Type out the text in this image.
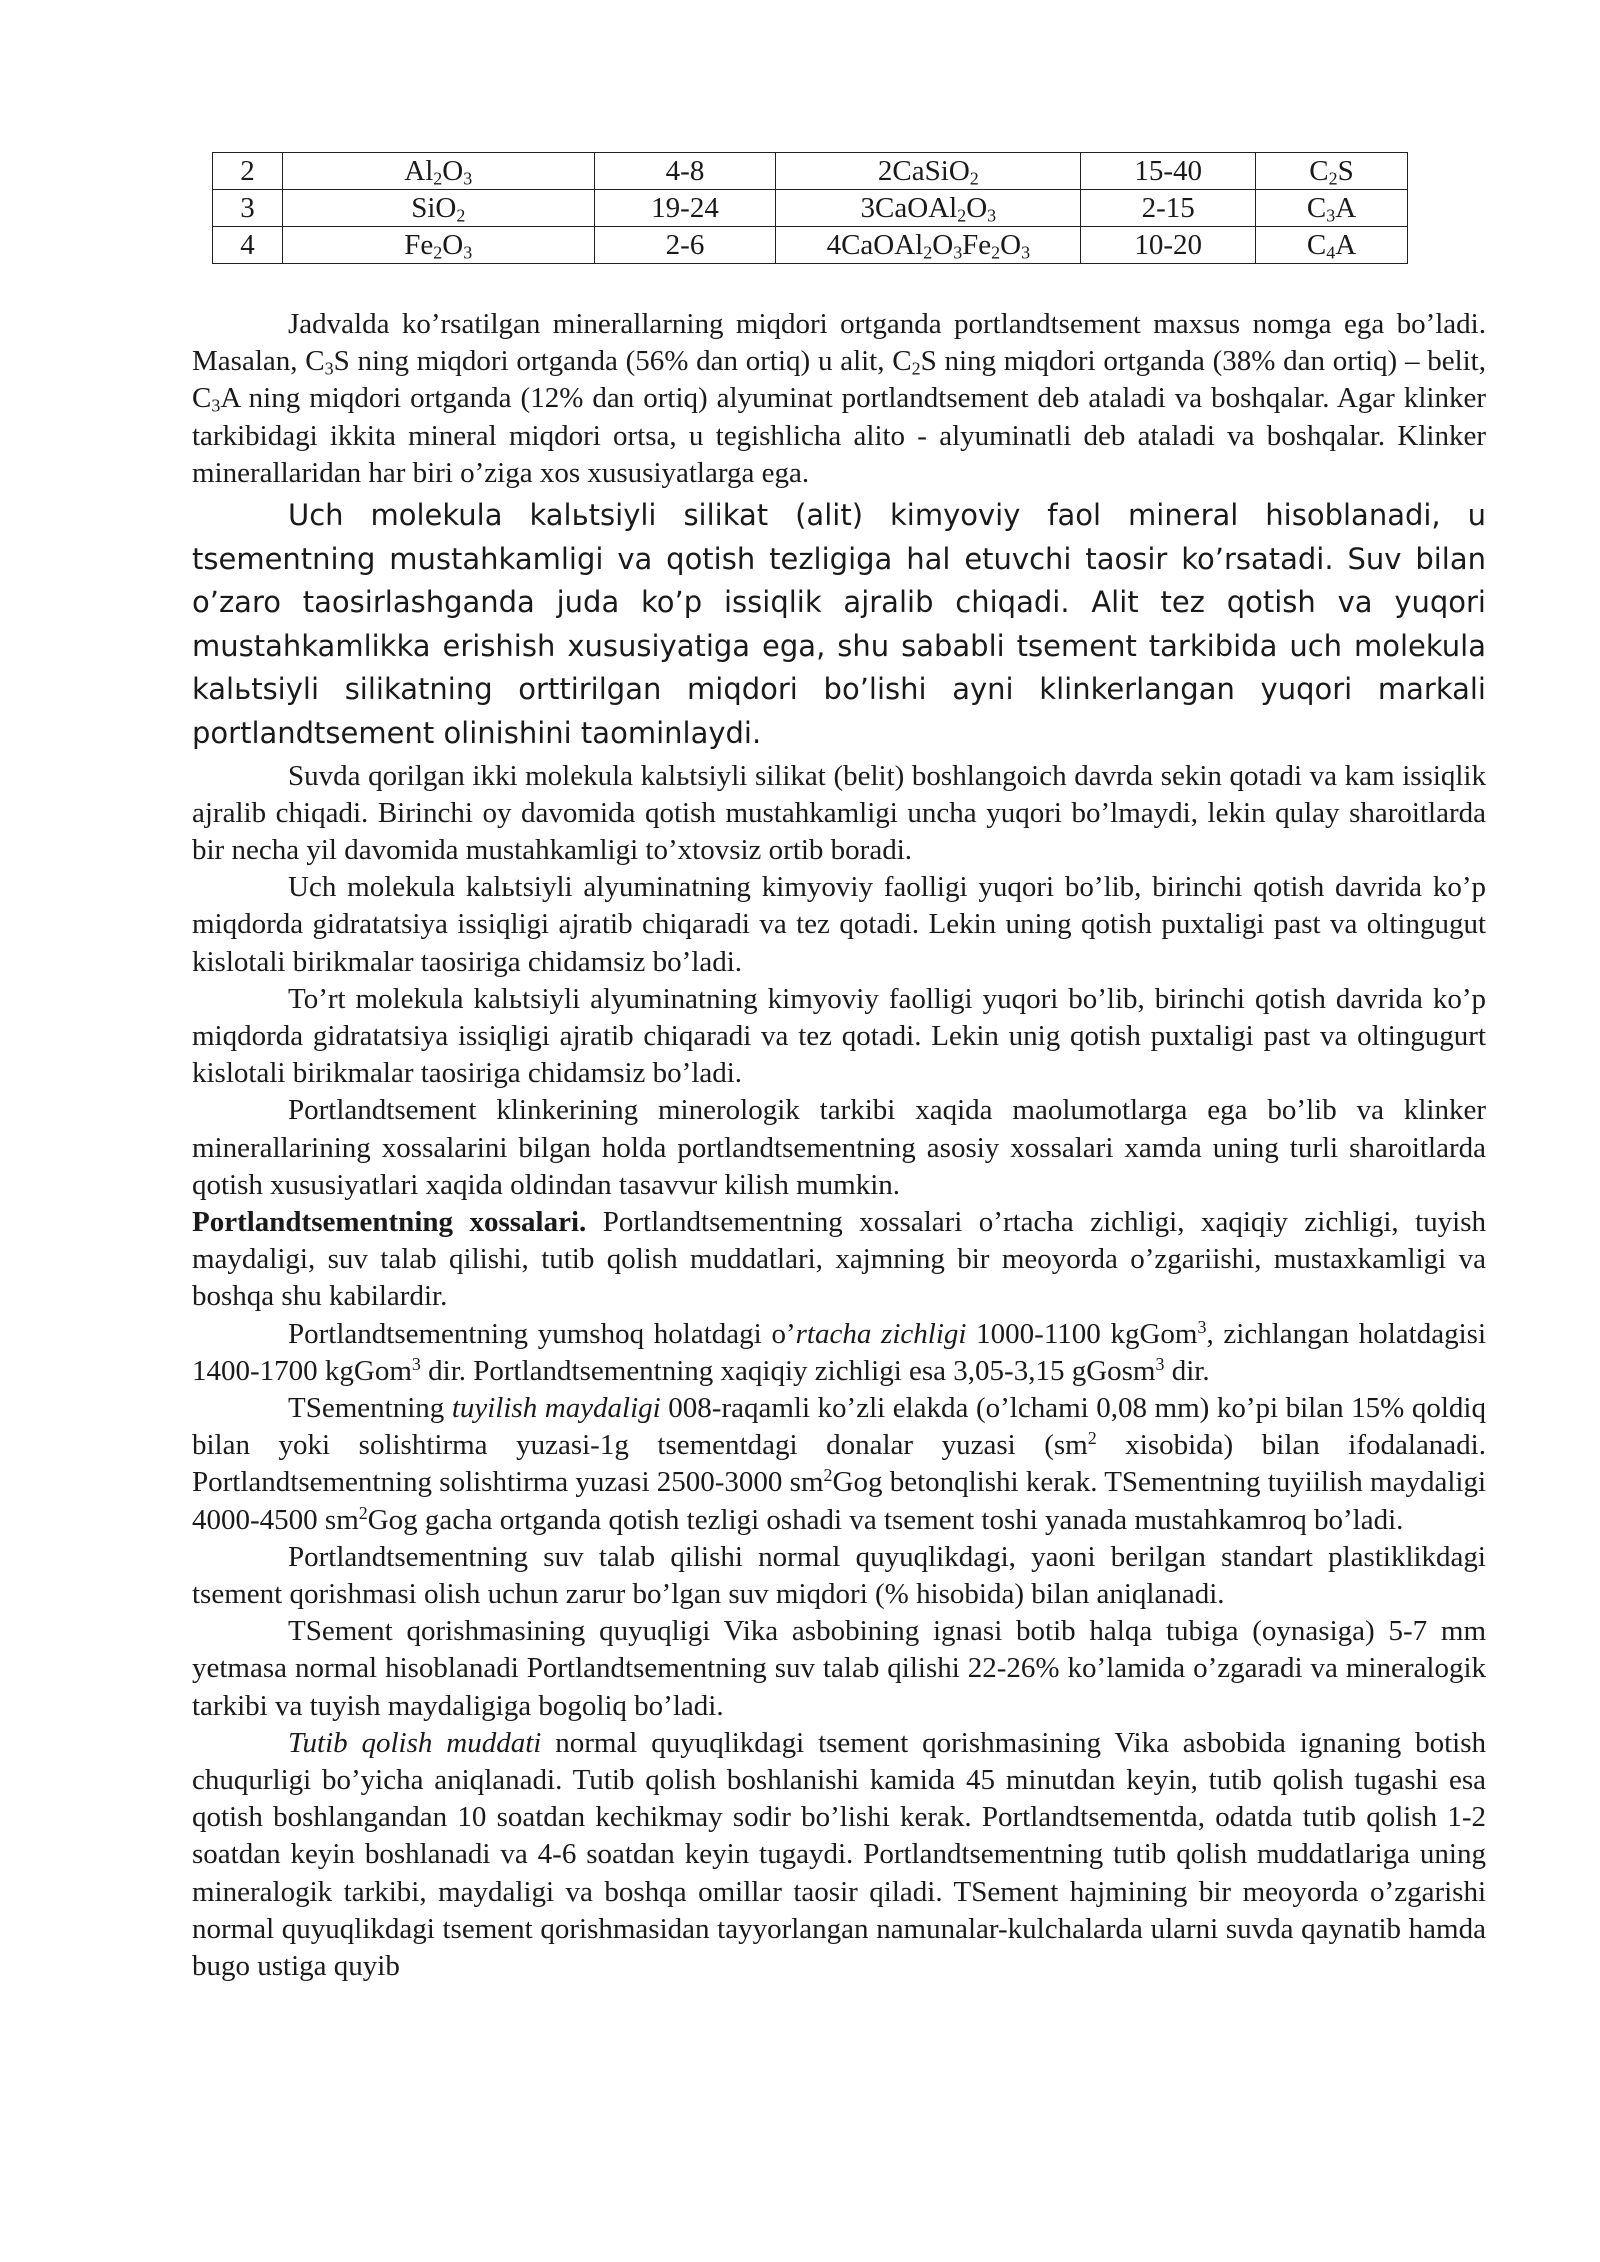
2	$Al_2O_3$	4-8	2CaSiO$_2$	15-40	$C_2S$
3	SiO$_2$	19-24	$3CaOAl_2O_3$	2-15	$C_3A$
4	$Fe_2O_3$	2-6	$4CaOAl_2O_3Fe_2O_3$	10-20	$C_4A$

Jadvalda ko’rsatilgan minerallarning miqdori ortganda portlandtsement maxsus nomga ega bo’ladi. Masalan, $C_3S$ ning miqdori ortganda (56% dan ortiq) u alit, $C_2S$ ning miqdori ortganda (38% dan ortiq) – belit, $C_3A$ ning miqdori ortganda (12% dan ortiq) alyuminat portlandtsement deb ataladi va boshqalar. Agar klinker tarkibidagi ikkita mineral miqdori ortsa, u tegishlicha alito - alyuminatli deb ataladi va boshqalar. Klinker minerallaridan har biri o’ziga xos xususiyatlarga ega.

Uch molekula kalьtsiyli silikat (alit) kimyoviy faol mineral hisoblanadi, u tsementning mustahkamligi va qotish tezligiga hal etuvchi taosir ko’rsatadi. Suv bilan o’zaro taosirlashganda juda ko’p issiqlik ajralib chiqadi. Alit tez qotish va yuqori mustahkamlikka erishish xususiyatiga ega, shu sababli tsement tarkibida uch molekula kalьtsiyli silikatning orttirilgan miqdori bo’lishi ayni klinkerlangan yuqori markali portlandtsement olinishini taominlaydi.

Suvda qorilgan ikki molekula kalьtsiyli silikat (belit) boshlangoich davrda sekin qotadi va kam issiqlik ajralib chiqadi. Birinchi oy davomida qotish mustahkamligi uncha yuqori bo’lmaydi, lekin qulay sharoitlarda bir necha yil davomida mustahkamligi to’xtovsiz ortib boradi.

Uch molekula kalьtsiyli alyuminatning kimyoviy faolligi yuqori bo’lib, birinchi qotish davrida ko’p miqdorda gidratatsiya issiqligi ajratib chiqaradi va tez qotadi. Lekin uning qotish puxtaligi past va oltingugut kislotali birikmalar taosiriga chidamsiz bo’ladi.

To’rt molekula kalьtsiyli alyuminatning kimyoviy faolligi yuqori bo’lib, birinchi qotish davrida ko’p miqdorda gidratatsiya issiqligi ajratib chiqaradi va tez qotadi. Lekin unig qotish puxtaligi past va oltingugurt kislotali birikmalar taosiriga chidamsiz bo’ladi.

Portlandtsement klinkerining minerologik tarkibi xaqida maolumotlarga ega bo’lib va klinker minerallarining xossalarini bilgan holda portlandtsementning asosiy xossalari xamda uning turli sharoitlarda qotish xususiyatlari xaqida oldindan tasavvur kilish mumkin.

Portlandtsementning xossalari. Portlandtsementning xossalari o’rtacha zichligi, xaqiqiy zichligi, tuyish maydaligi, suv talab qilishi, tutib qolish muddatlari, xajmning bir meoyorda o’zgariishi, mustaxkamligi va boshqa shu kabilardir.

Portlandtsementning yumshoq holatdagi o’rtacha zichligi 1000-1100 kgGom$^3$, zichlangan holatdagisi 1400-1700 kgGom$^3$ dir. Portlandtsementning xaqiqiy zichligi esa 3,05-3,15 gGosm$^3$ dir.

TSementning tuyilish maydaligi 008-raqamli ko’zli elakda (o’lchami 0,08 mm) ko’pi bilan 15% qoldiq bilan yoki solishtirma yuzasi-1g tsementdagi donalar yuzasi ($sm^2$ xisobida) bilan ifodalanadi. Portlandtsementning solishtirma yuzasi 2500-3000 $sm^2Gog$ betonqlishi kerak. TSementning tuyiilish maydaligi 4000-4500 $sm^2Gog$ gacha ortganda qotish tezligi oshadi va tsement toshi yanada mustahkamroq bo’ladi.

Portlandtsementning suv talab qilishi normal quyuqlikdagi, yaoni berilgan standart plastiklikdagi tsement qorishmasi olish uchun zarur bo’lgan suv miqdori (% hisobida) bilan aniqlanadi.

TSement qorishmasining quyuqligi Vika asbobining ignasi botib halqa tubiga (oynasiga) 5-7 mm yetmasa normal hisoblanadi Portlandtsementning suv talab qilishi 22-26% ko’lamida o’zgaradi va mineralogik tarkibi va tuyish maydaligiga bogoliq bo’ladi.

Tutib qolish muddati normal quyuqlikdagi tsement qorishmasining Vika asbobida ignaning botish chuqurligi bo’yicha aniqlanadi. Tutib qolish boshlanishi kamida 45 minutdan keyin, tutib qolish tugashi esa qotish boshlangandan 10 soatdan kechikmay sodir bo’lishi kerak. Portlandtsementda, odatda tutib qolish 1-2 soatdan keyin boshlanadi va 4-6 soatdan keyin tugaydi. Portlandtsementning tutib qolish muddatlariga uning mineralogik tarkibi, maydaligi va boshqa omillar taosir qiladi. TSement hajmining bir meoyorda o’zgarishi normal quyuqlikdagi tsement qorishmasidan tayyorlangan namunalar-kulchalarda ularni suvda qaynatib hamda bugo ustiga quyib
